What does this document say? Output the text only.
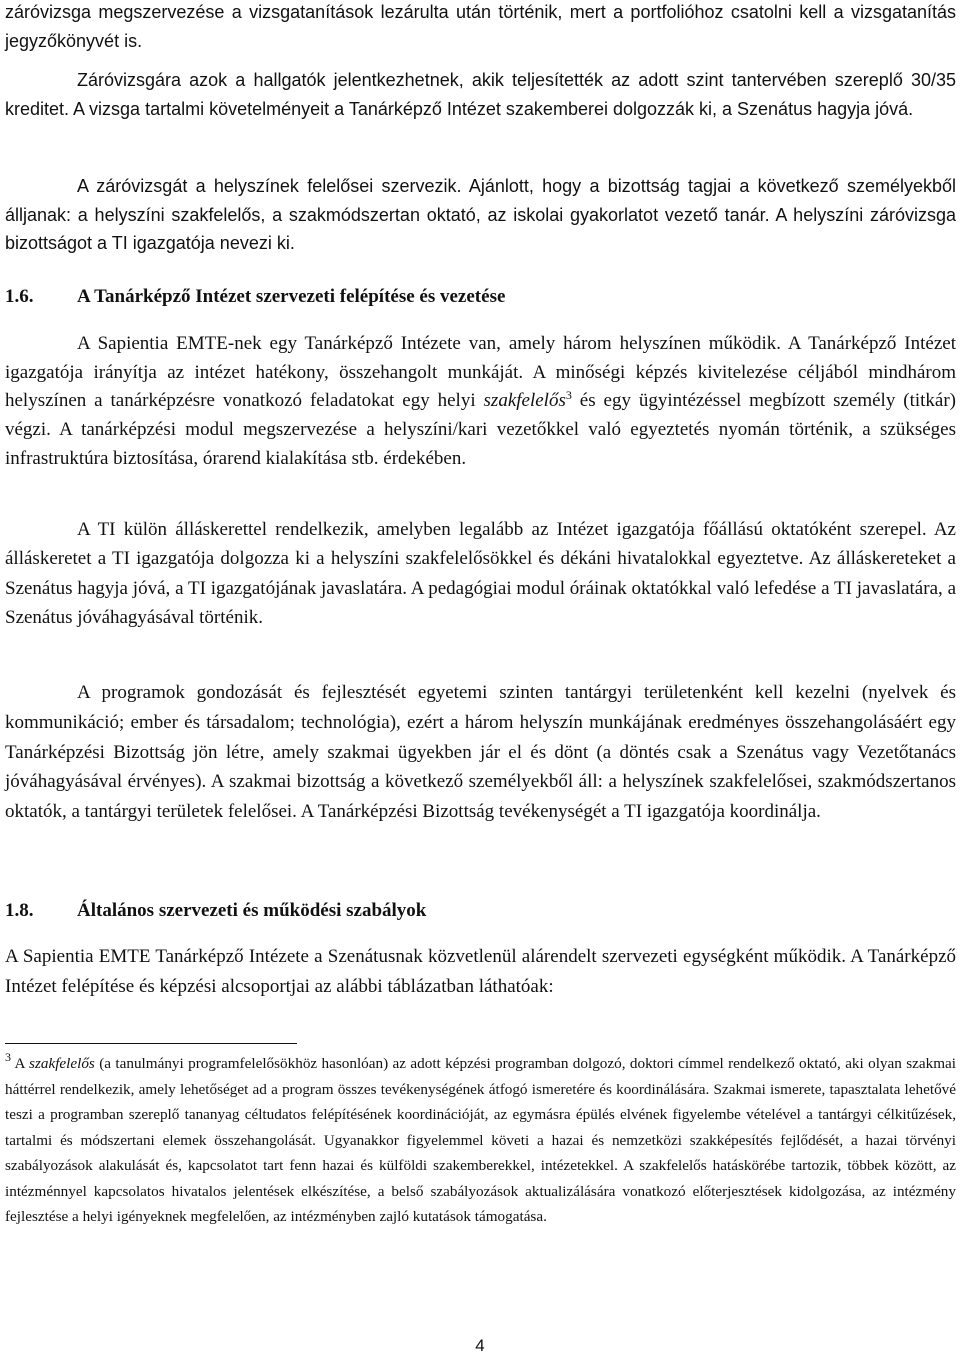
záróvizsga megszervezése a vizsgatanítások lezárulta után történik, mert a portfolióhoz csatolni kell a vizsgatanítás jegyzőkönyvét is.

Záróvizsgára azok a hallgatók jelentkezhetnek, akik teljesítették az adott szint tantervében szereplő 30/35 kreditet. A vizsga tartalmi követelményeit a Tanárképző Intézet szakemberei dolgozzák ki, a Szenátus hagyja jóvá.

A záróvizsgát a helyszínek felelősei szervezik. Ajánlott, hogy a bizottság tagjai a következő személyekből álljanak: a helyszíni szakfelelős, a szakmódszertan oktató, az iskolai gyakorlatot vezető tanár. A helyszíni záróvizsga bizottságot a TI igazgatója nevezi ki.

1.6.	A Tanárképző Intézet szervezeti felépítése és vezetése

A Sapientia EMTE-nek egy Tanárképző Intézete van, amely három helyszínen működik. A Tanárképző Intézet igazgatója irányítja az intézet hatékony, összehangolt munkáját. A minőségi képzés kivitelezése céljából mindhárom helyszínen a tanárképzésre vonatkozó feladatokat egy helyi szakfelelős$^3$ és egy ügyintézéssel megbízott személy (titkár) végzi. A tanárképzési modul megszervezése a helyszíni/kari vezetőkkel való egyeztetés nyomán történik, a szükséges infrastruktúra biztosítása, órarend kialakítása stb. érdekében.

A TI külön álláskerettel rendelkezik, amelyben legalább az Intézet igazgatója főállású oktatóként szerepel. Az álláskeretet a TI igazgatója dolgozza ki a helyszíni szakfelelősökkel és dékáni hivatalokkal egyeztetve. Az álláskereteket a Szenátus hagyja jóvá, a TI igazgatójának javaslatára. A pedagógiai modul óráinak oktatókkal való lefedése a TI javaslatára, a Szenátus jóváhagyásával történik.

A programok gondozását és fejlesztését egyetemi szinten tantárgyi területenként kell kezelni (nyelvek és kommunikáció; ember és társadalom; technológia), ezért a három helyszín munkájának eredményes összehangolásáért egy Tanárképzési Bizottság jön létre, amely szakmai ügyekben jár el és dönt (a döntés csak a Szenátus vagy Vezetőtanács jóváhagyásával érvényes). A szakmai bizottság a következő személyekből áll: a helyszínek szakfelelősei, szakmódszertanos oktatók, a tantárgyi területek felelősei. A Tanárképzési Bizottság tevékenységét a TI igazgatója koordinálja.

1.8.	Általános szervezeti és működési szabályok

A Sapientia EMTE Tanárképző Intézete a Szenátusnak közvetlenül alárendelt szervezeti egységként működik. A Tanárképző Intézet felépítése és képzési alcsoportjai az alábbi táblázatban láthatóak:

$^3$ A szakfelelős (a tanulmányi programfelelősökhöz hasonlóan) az adott képzési programban dolgozó, doktori címmel rendelkező oktató, aki olyan szakmai háttérrel rendelkezik, amely lehetőséget ad a program összes tevékenységének átfogó ismeretére és koordinálására. Szakmai ismerete, tapasztalata lehetővé teszi a programban szereplő tananyag céltudatos felépítésének koordinációját, az egymásra épülés elvének figyelembe vételével a tantárgyi célkitűzések, tartalmi és módszertani elemek összehangolását. Ugyanakkor figyelemmel követi a hazai és nemzetközi szakképesítés fejlődését, a hazai törvényi szabályozások alakulását és, kapcsolatot tart fenn hazai és külföldi szakemberekkel, intézetekkel. A szakfelelős hatáskörébe tartozik, többek között, az intézménnyel kapcsolatos hivatalos jelentések elkészítése, a belső szabályozások aktualizálására vonatkozó előterjesztések kidolgozása, az intézmény fejlesztése a helyi igényeknek megfelelően, az intézményben zajló kutatások támogatása.

4
